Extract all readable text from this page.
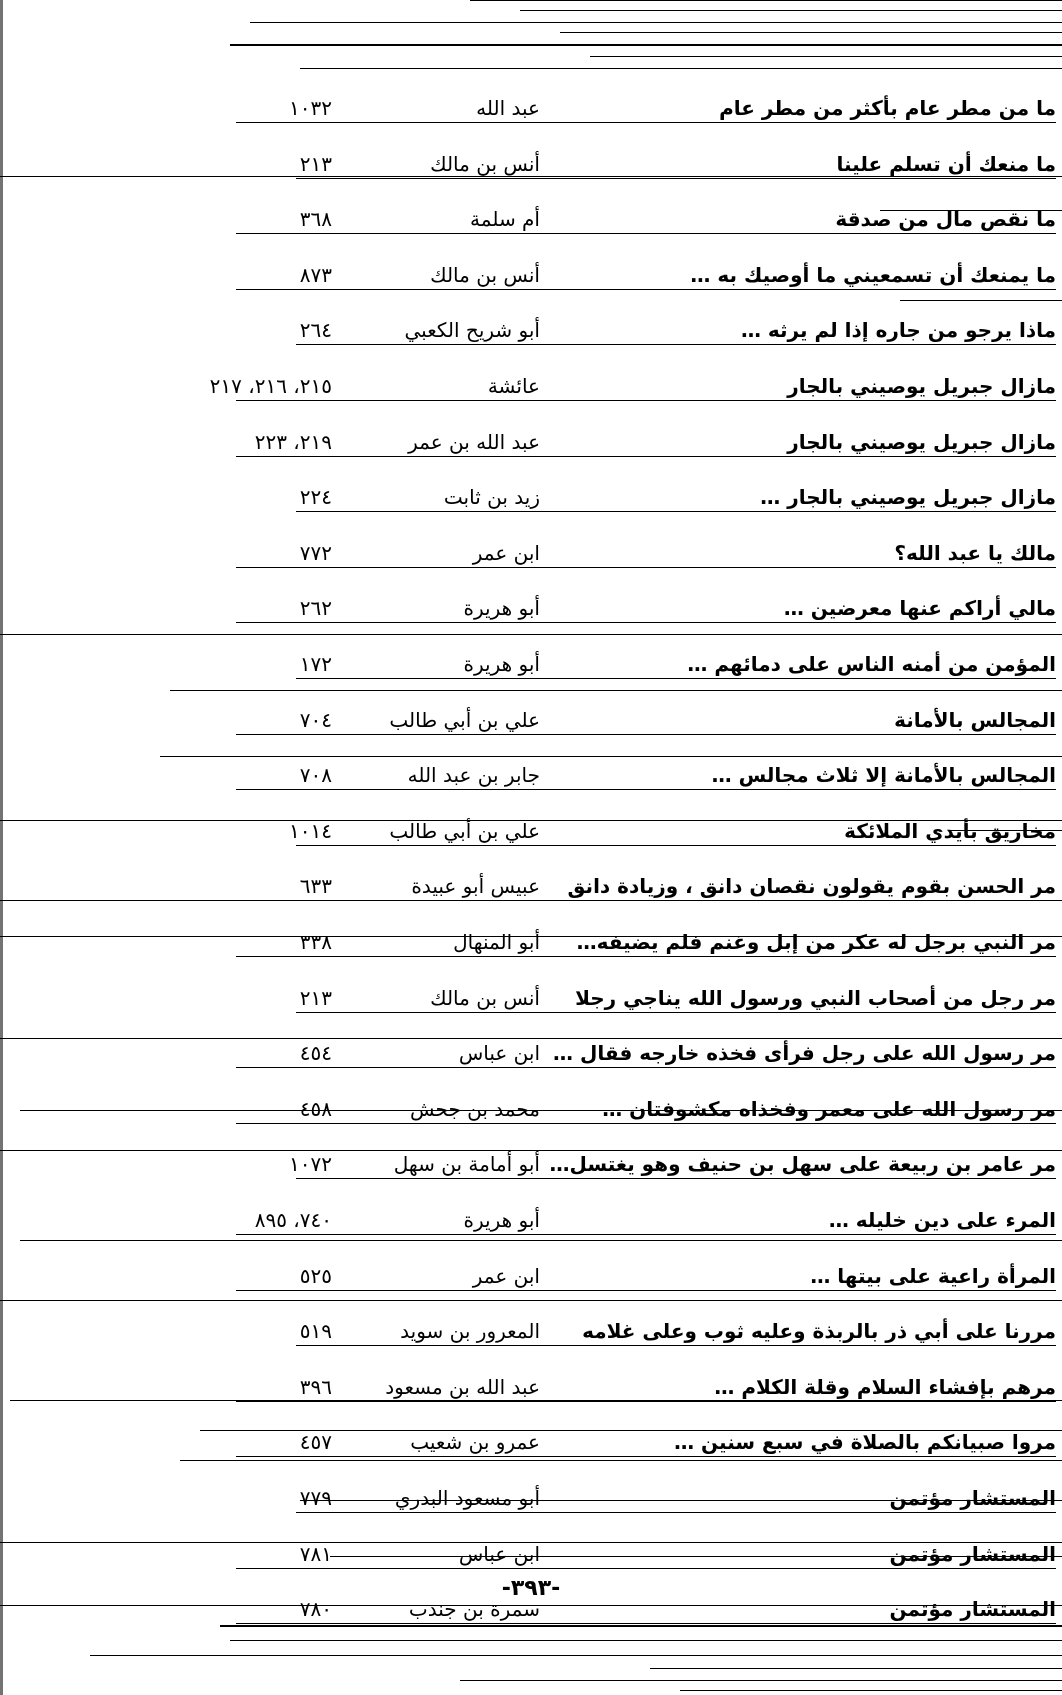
ما من مطر عام بأكثر من مطر عام
عبد الله
١٠٣٢
ما منعك أن تسلم علينا
أنس بن مالك
٢١٣
ما نقص مال من صدقة
أم سلمة
٣٦٨
ما يمنعك أن تسمعيني ما أوصيك به …
أنس بن مالك
٨٧٣
ماذا يرجو من جاره إذا لم يرثه …
أبو شريح الكعبي
٢٦٤
مازال جبريل يوصيني بالجار
عائشة
٢١٥، ٢١٦، ٢١٧
مازال جبريل يوصيني بالجار
عبد الله بن عمر
٢١٩، ٢٢٣
مازال جبريل يوصيني بالجار …
زيد بن ثابت
٢٢٤
مالك يا عبد الله؟
ابن عمر
٧٧٢
مالي أراكم عنها معرضين …
أبو هريرة
٢٦٢
المؤمن من أمنه الناس على دمائهم …
أبو هريرة
١٧٢
المجالس بالأمانة
علي بن أبي طالب
٧٠٤
المجالس بالأمانة إلا ثلاث مجالس …
جابر بن عبد الله
٧٠٨
مخاريق بأيدي الملائكة
علي بن أبي طالب
١٠١٤
مر الحسن بقوم يقولون نقصان دانق ، وزيادة دانق
عبيس أبو عبيدة
٦٣٣
مر النبي برجل له عكر من إبل وغنم فلم يضيفه…
أبو المنهال
٣٣٨
مر رجل من أصحاب النبي ورسول الله يناجي رجلا
أنس بن مالك
٢١٣
مر رسول الله على رجل فرأى فخذه خارجه فقال …
ابن عباس
٤٥٤
مر رسول الله على معمر وفخذاه مكشوفتان …
محمد بن جحش
٤٥٨
مر عامر بن ربيعة على سهل بن حنيف وهو يغتسل…
أبو أمامة بن سهل
١٠٧٢
المرء على دين خليله …
أبو هريرة
٧٤٠، ٨٩٥
المرأة راعية على بيتها …
ابن عمر
٥٢٥
مررنا على أبي ذر بالربذة وعليه ثوب وعلى غلامه
المعرور بن سويد
٥١٩
مرهم بإفشاء السلام وقلة الكلام …
عبد الله بن مسعود
٣٩٦
مروا صبيانكم بالصلاة في سبع سنين …
عمرو بن شعيب
٤٥٧
المستشار مؤتمن
أبو مسعود البدري
٧٧٩
المستشار مؤتمن
ابن عباس
٧٨١
المستشار مؤتمن
سمرة بن جندب
٧٨٠
-٣٩٣-
